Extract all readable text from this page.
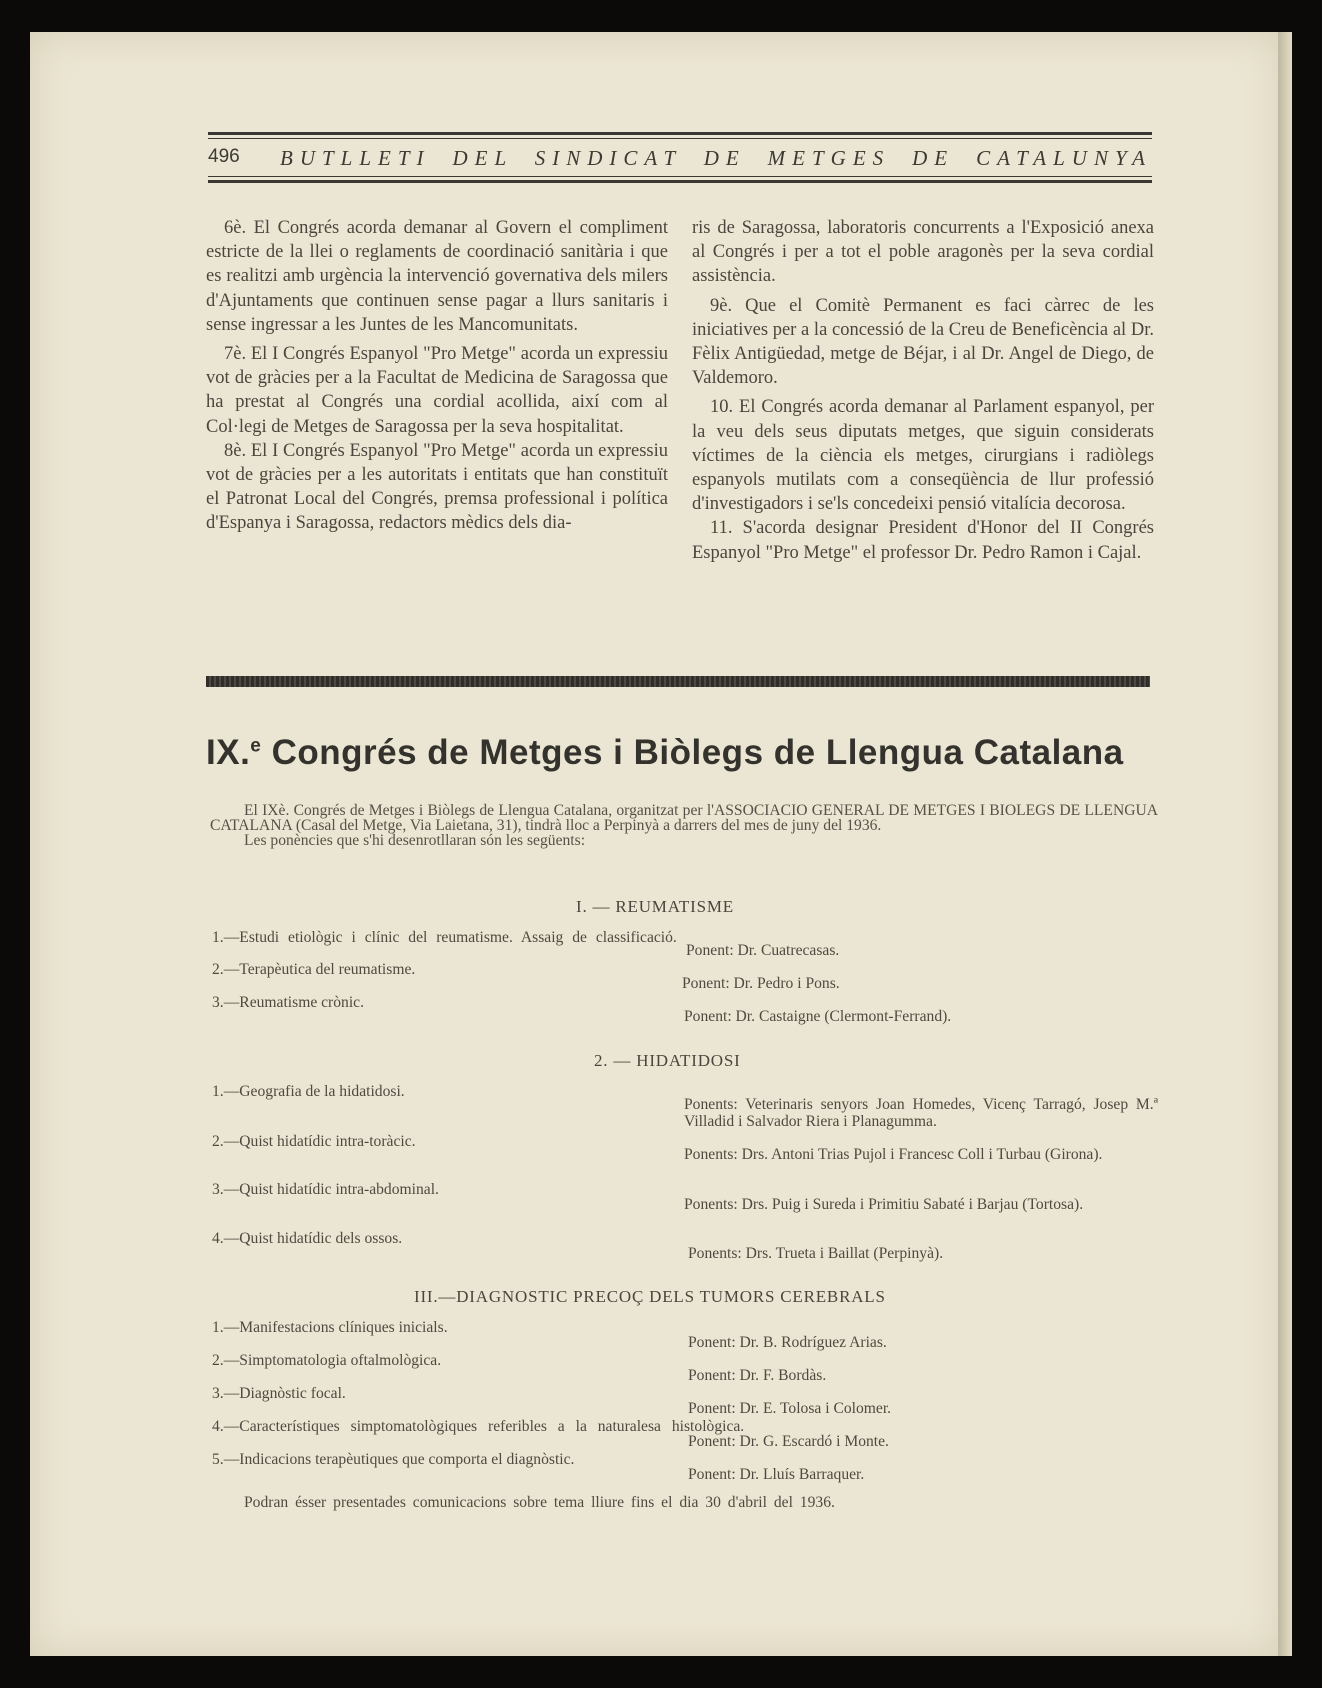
496 BUTLLETI DEL SINDICAT DE METGES DE CATALUNYA

6è. El Congrés acorda demanar al Govern el compliment estricte de la llei o reglaments de coordinació sanitària i que es realitzi amb urgència la intervenció governativa dels milers d'Ajuntaments que continuen sense pagar a llurs sanitaris i sense ingressar a les Juntes de les Mancomunitats.

7è. El I Congrés Espanyol "Pro Metge" acorda un expressiu vot de gràcies per a la Facultat de Medicina de Saragossa que ha prestat al Congrés una cordial acollida, així com al Col·legi de Metges de Saragossa per la seva hospitalitat.

8è. El I Congrés Espanyol "Pro Metge" acorda un expressiu vot de gràcies per a les autoritats i entitats que han constituït el Patronat Local del Congrés, premsa professional i política d'Espanya i Saragossa, redactors mèdics dels dia-

ris de Saragossa, laboratoris concurrents a l'Exposició anexa al Congrés i per a tot el poble aragonès per la seva cordial assistència.

9è. Que el Comitè Permanent es faci càrrec de les iniciatives per a la concessió de la Creu de Beneficència al Dr. Fèlix Antigüedad, metge de Béjar, i al Dr. Angel de Diego, de Valdemoro.

10. El Congrés acorda demanar al Parlament espanyol, per la veu dels seus diputats metges, que siguin considerats víctimes de la ciència els metges, cirurgians i radiòlegs espanyols mutilats com a conseqüència de llur professió d'investigadors i se'ls concedeixi pensió vitalícia decorosa.

11. S'acorda designar President d'Honor del II Congrés Espanyol "Pro Metge" el professor Dr. Pedro Ramon i Cajal.

IX.$^e$ Congrés de Metges i Biòlegs de Llengua Catalana

El IXè. Congrés de Metges i Biòlegs de Llengua Catalana, organitzat per l'ASSOCIACIO GENERAL DE METGES I BIOLEGS DE LLENGUA CATALANA (Casal del Metge, Via Laietana, 31), tindrà lloc a Perpinyà a darrers del mes de juny del 1936.

Les ponències que s'hi desenrotllaran són les següents:

I. — REUMATISME
1.—Estudi etiològic i clínic del reumatisme. Assaig de classificació.
2.—Terapèutica del reumatisme.
3.—Reumatisme crònic.
Ponent: Dr. Cuatrecasas.
Ponent: Dr. Pedro i Pons.
Ponent: Dr. Castaigne (Clermont-Ferrand).
2. — HIDATIDOSI
1.—Geografia de la hidatidosi.
2.—Quist hidatídic intra-toràcic.
3.—Quist hidatídic intra-abdominal.
4.—Quist hidatídic dels ossos.
Ponents: Veterinaris senyors Joan Homedes, Vicenç Tarragó, Josep M.ª Villadid i Salvador Riera i Planagumma.
Ponents: Drs. Antoni Trias Pujol i Francesc Coll i Turbau (Girona).
Ponents: Drs. Puig i Sureda i Primitiu Sabaté i Barjau (Tortosa).
Ponents: Drs. Trueta i Baillat (Perpinyà).
III.—DIAGNOSTIC PRECOÇ DELS TUMORS CEREBRALS
1.—Manifestacions clíniques inicials.
2.—Simptomatologia oftalmològica.
3.—Diagnòstic focal.
4.—Característiques simptomatològiques referibles a la naturalesa histològica.
5.—Indicacions terapèutiques que comporta el diagnòstic.
Ponent: Dr. B. Rodríguez Arias.
Ponent: Dr. F. Bordàs.
Ponent: Dr. E. Tolosa i Colomer.
Ponent: Dr. G. Escardó i Monte.
Ponent: Dr. Lluís Barraquer.
Podran ésser presentades comunicacions sobre tema lliure fins el dia 30 d'abril del 1936.
